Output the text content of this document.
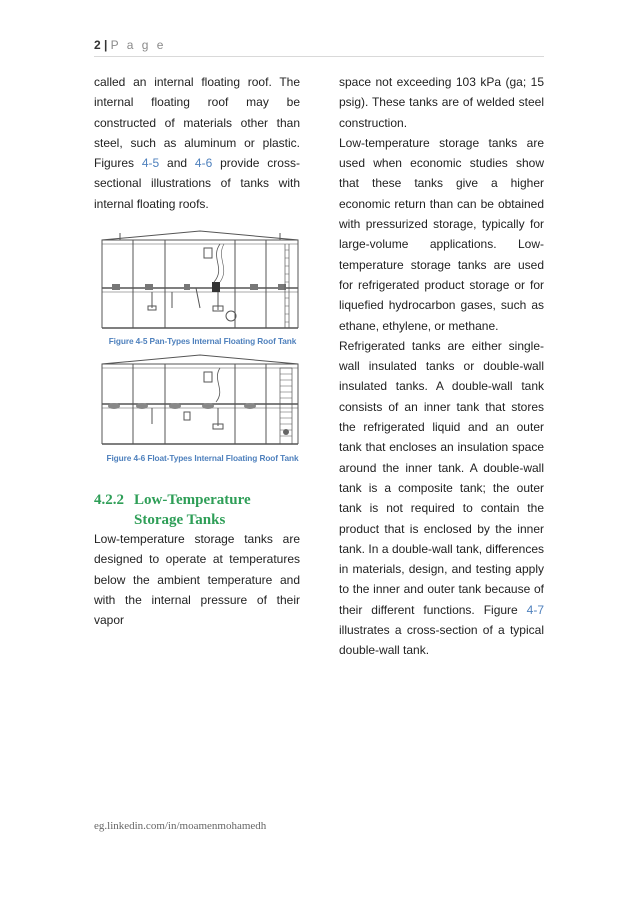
2 | P a g e

called an internal floating roof. The internal floating roof may be constructed of materials other than steel, such as aluminum or plastic. Figures 4-5 and 4-6 provide cross-sectional illustrations of tanks with internal floating roofs.

Figure 4-5 Pan-Types Internal Floating Roof Tank
Figure 4-6 Float-Types Internal Floating Roof Tank
4.2.2 Low-Temperature
Storage Tanks

Low-temperature storage tanks are designed to operate at temperatures below the ambient temperature and with the internal pressure of their vapor

space not exceeding 103 kPa (ga; 15 psig). These tanks are of welded steel construction.

Low-temperature storage tanks are used when economic studies show that these tanks give a higher economic return than can be obtained with pressurized storage, typically for large-volume applications. Low-temperature storage tanks are used for refrigerated product storage or for liquefied hydrocarbon gases, such as ethane, ethylene, or methane.

Refrigerated tanks are either single-wall insulated tanks or double-wall insulated tanks. A double-wall tank consists of an inner tank that stores the refrigerated liquid and an outer tank that encloses an insulation space around the inner tank. A double-wall tank is a composite tank; the outer tank is not required to contain the product that is enclosed by the inner tank. In a double-wall tank, differences in materials, design, and testing apply to the inner and outer tank because of their different functions. Figure 4-7 illustrates a cross-section of a typical double-wall tank.

eg.linkedin.com/in/moamenmohamedh
